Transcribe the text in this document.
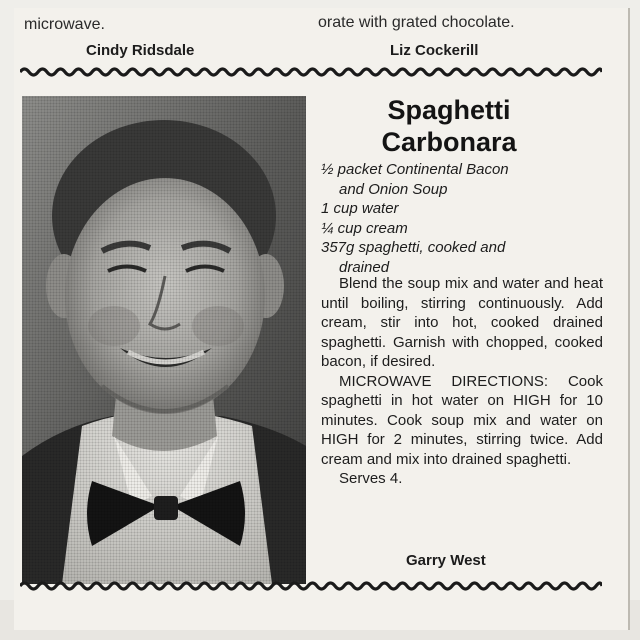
microwave.
Cindy Ridsdale
orate with grated chocolate.
Liz Cockerill
Spaghetti
Carbonara
½ packet Continental Bacon
and Onion Soup
1 cup water
¼ cup cream
357g spaghetti, cooked and
drained

Blend the soup mix and water and heat until boiling, stirring continuously. Add cream, stir into hot, cooked drained spaghetti. Garnish with chopped, cooked bacon, if desired.

MICROWAVE DIRECTIONS: Cook spaghetti in hot water on HIGH for 10 minutes. Cook soup mix and water on HIGH for 2 minutes, stirring twice. Add cream and mix into drained spaghetti.

Serves 4.
Garry West
